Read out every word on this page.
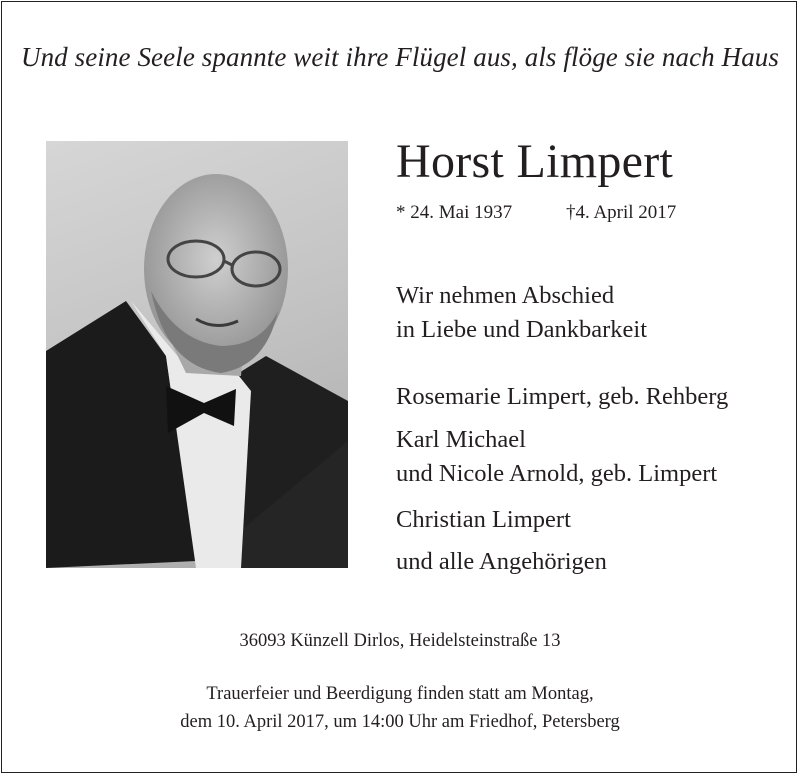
Und seine Seele spannte weit ihre Flügel aus, als flöge sie nach Haus
Horst Limpert
* 24. Mai 1937	†4. April 2017
Wir nehmen Abschied
in Liebe und Dankbarkeit
Rosemarie Limpert, geb. Rehberg
Karl Michael
und Nicole Arnold, geb. Limpert
Christian Limpert
und alle Angehörigen
36093 Künzell Dirlos, Heidelsteinstraße 13
Trauerfeier und Beerdigung finden statt am Montag,
dem 10. April 2017, um 14:00 Uhr am Friedhof, Petersberg
